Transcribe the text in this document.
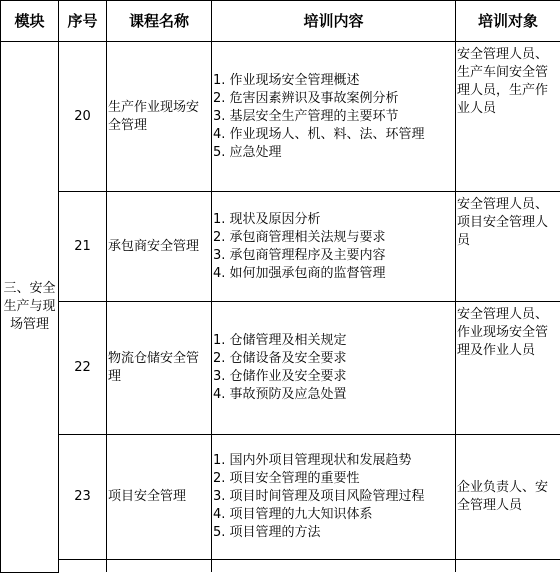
模块	序号	课程名称	培训内容	培训对象
三、安全生产与现场管理	20	生产作业现场安全管理	1. 作业现场安全管理概述
2. 危害因素辨识及事故案例分析
3. 基层安全生产管理的主要环节
4. 作业现场人、机、料、法、环管理
5. 应急处理	安全管理人员、生产车间安全管理人员，生产作业人员

	21	承包商安全管理	1. 现状及原因分析
2. 承包商管理相关法规与要求
3. 承包商管理程序及主要内容
4. 如何加强承包商的监督管理	安全管理人员、项目安全管理人员

	22	物流仓储安全管理	1. 仓储管理及相关规定
2. 仓储设备及安全要求
3. 仓储作业及安全要求
4. 事故预防及应急处置	安全管理人员、作业现场安全管理及作业人员

	23	项目安全管理	1. 国内外项目管理现状和发展趋势
2. 项目安全管理的重要性
3. 项目时间管理及项目风险管理过程　 4. 项目管理的九大知识体系
5. 项目管理的方法	企业负责人、安全管理人员
